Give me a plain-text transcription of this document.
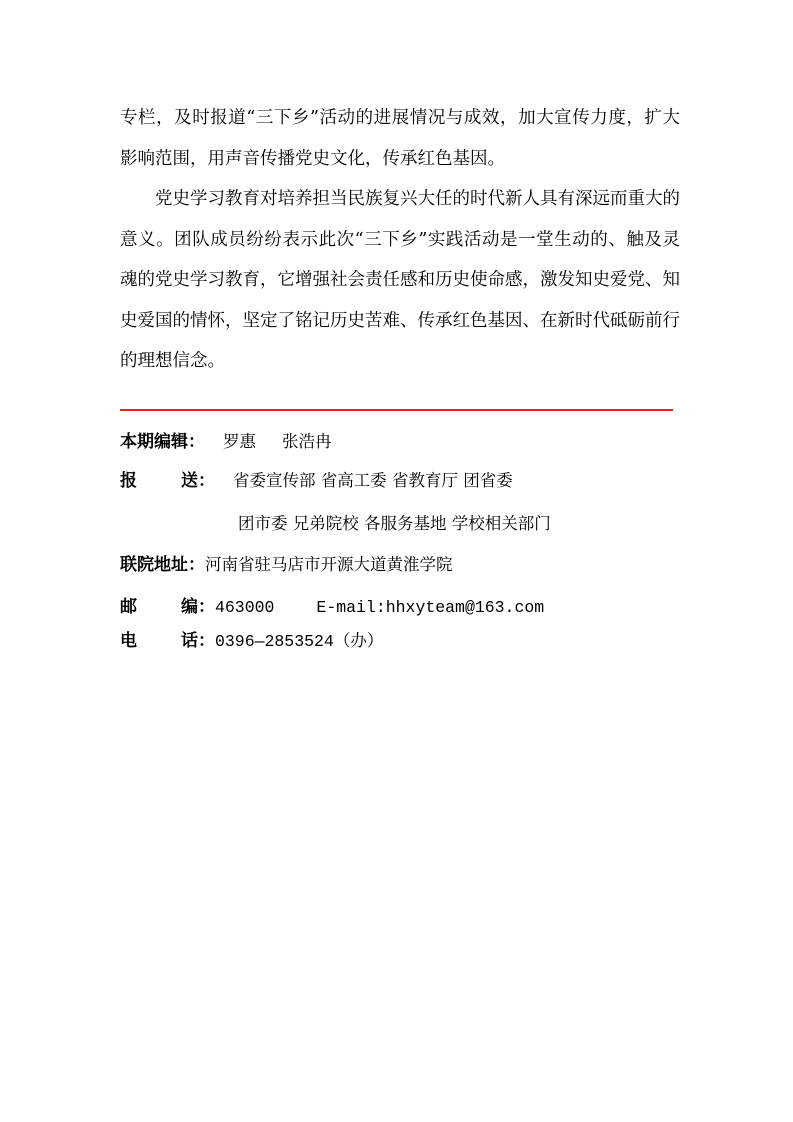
专栏，及时报道“三下乡”活动的进展情况与成效，加大宣传力度，扩大影响范围，用声音传播党史文化，传承红色基因。

党史学习教育对培养担当民族复兴大任的时代新人具有深远而重大的意义。团队成员纷纷表示此次“三下乡”实践活动是一堂生动的、触及灵魂的党史学习教育，它增强社会责任感和历史使命感，激发知史爱党、知史爱国的情怀，坚定了铭记历史苦难、传承红色基因、在新时代砥砺前行的理想信念。

本期编辑： 罗惠 张浩冉
报	送： 省委宣传部 省高工委 省教育厅 团省委
团市委 兄弟院校 各服务基地 学校相关部门
联院地址：河南省驻马店市开源大道黄淮学院
邮	编： 463000	E-mail:hhxyteam@163.com
电	话： 0396—2853524（办）
